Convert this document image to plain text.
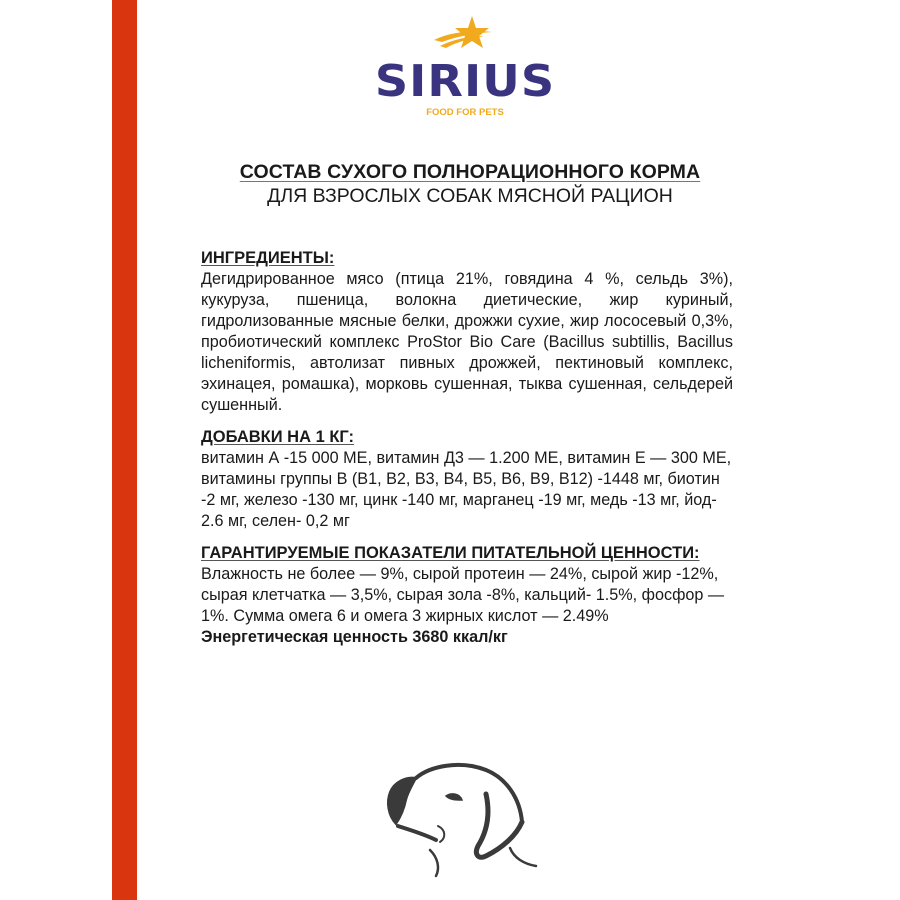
SIRIUS
FOOD FOR PETS
СОСТАВ СУХОГО ПОЛНОРАЦИОННОГО КОРМА
ДЛЯ ВЗРОСЛЫХ СОБАК МЯСНОЙ РАЦИОН
ИНГРЕДИЕНТЫ:
Дегидрированное мясо (птица 21%, говядина 4 %, сельдь 3%), кукуруза, пшеница, волокна диетические, жир куриный, гидролизованные мясные белки, дрожжи сухие, жир лососевый 0,3%, пробиотический комплекс ProStor Bio Care (Bacillus subtillis, Bacillus licheniformis, автолизат пивных дрожжей, пектиновый комплекс, эхинацея, ромашка), морковь сушенная, тыква сушенная, сельдерей сушенный.
ДОБАВКИ НА 1 КГ:
витамин А -15 000 МЕ, витамин Д3 — 1.200 МЕ, витамин Е — 300 МЕ, витамины группы В (В1, В2, В3, В4, В5, В6, В9, В12) -1448 мг, биотин -2 мг, железо -130 мг, цинк -140 мг, марганец -19 мг, медь -13 мг, йод- 2.6 мг, селен- 0,2 мг
ГАРАНТИРУЕМЫЕ ПОКАЗАТЕЛИ ПИТАТЕЛЬНОЙ ЦЕННОСТИ:
Влажность не более — 9%, сырой протеин — 24%, сырой жир -12%, сырая клетчатка — 3,5%, сырая зола -8%, кальций- 1.5%, фосфор — 1%. Сумма омега 6 и омега 3 жирных кислот — 2.49%
Энергетическая ценность 3680 ккал/кг
